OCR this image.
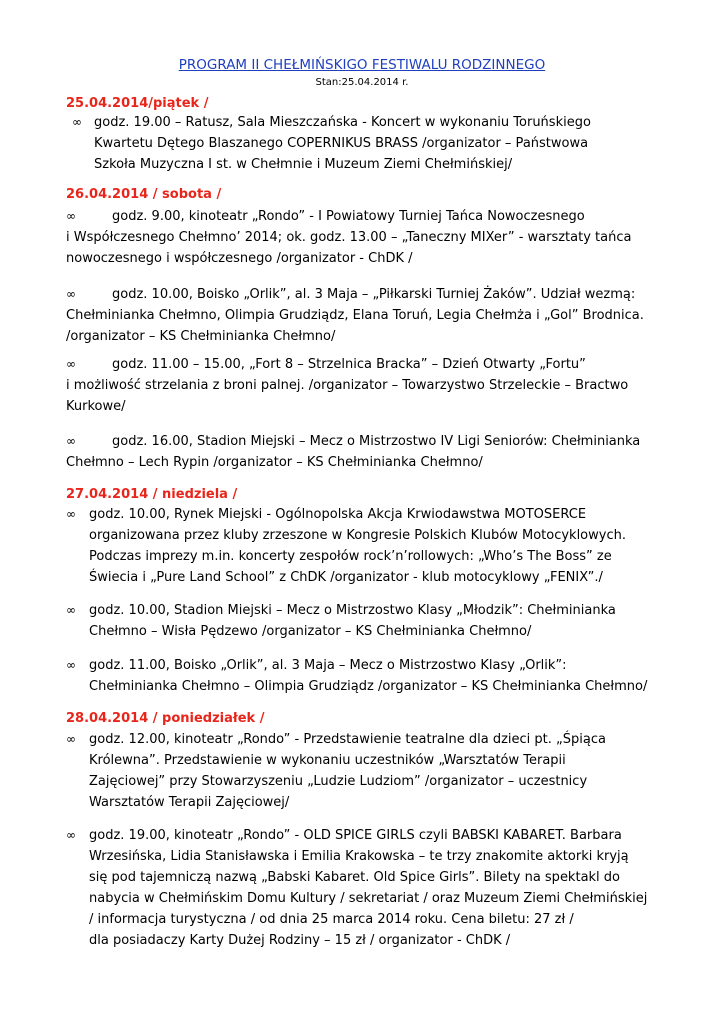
PROGRAM II CHEŁMIŃSKIGO FESTIWALU RODZINNEGO
Stan:25.04.2014 r.
25.04.2014/piątek /
∞ godz. 19.00 – Ratusz, Sala Mieszczańska - Koncert w wykonaniu Toruńskiego
Kwartetu Dętego Blaszanego COPERNIKUS BRASS /organizator – Państwowa
Szkoła Muzyczna I st. w Chełmnie i Muzeum Ziemi Chełmińskiej/
26.04.2014 / sobota /
∞	godz. 9.00, kinoteatr „Rondo” - I Powiatowy Turniej Tańca Nowoczesnego
i Współczesnego Chełmno’ 2014; ok. godz. 13.00 – „Taneczny MIXer” - warsztaty tańca
nowoczesnego i współczesnego /organizator - ChDK /
∞	godz. 10.00, Boisko „Orlik”, al. 3 Maja – „Piłkarski Turniej Żaków”. Udział wezmą:
Chełminianka Chełmno, Olimpia Grudziądz, Elana Toruń, Legia Chełmża i „Gol” Brodnica.
/organizator – KS Chełminianka Chełmno/
∞	godz. 11.00 – 15.00, „Fort 8 – Strzelnica Bracka” – Dzień Otwarty „Fortu”
i możliwość strzelania z broni palnej. /organizator – Towarzystwo Strzeleckie – Bractwo
Kurkowe/
∞	godz. 16.00, Stadion Miejski – Mecz o Mistrzostwo IV Ligi Seniorów: Chełminianka
Chełmno – Lech Rypin /organizator – KS Chełminianka Chełmno/
27.04.2014 / niedziela /
∞ godz. 10.00, Rynek Miejski - Ogólnopolska Akcja Krwiodawstwa MOTOSERCE
organizowana przez kluby zrzeszone w Kongresie Polskich Klubów Motocyklowych.
Podczas imprezy m.in. koncerty zespołów rock’n’rollowych: „Who’s The Boss” ze
Świecia i „Pure Land School” z ChDK /organizator - klub motocyklowy „FENIX”./
∞ godz. 10.00, Stadion Miejski – Mecz o Mistrzostwo Klasy „Młodzik”: Chełminianka
Chełmno – Wisła Pędzewo /organizator – KS Chełminianka Chełmno/
∞ godz. 11.00, Boisko „Orlik”, al. 3 Maja – Mecz o Mistrzostwo Klasy „Orlik”:
Chełminianka Chełmno – Olimpia Grudziądz /organizator – KS Chełminianka Chełmno/
28.04.2014 / poniedziałek /
∞ godz. 12.00, kinoteatr „Rondo” - Przedstawienie teatralne dla dzieci pt. „Śpiąca
Królewna”. Przedstawienie w wykonaniu uczestników „Warsztatów Terapii
Zajęciowej” przy Stowarzyszeniu „Ludzie Ludziom” /organizator – uczestnicy
Warsztatów Terapii Zajęciowej/
∞ godz. 19.00, kinoteatr „Rondo” - OLD SPICE GIRLS czyli BABSKI KABARET. Barbara
Wrzesińska, Lidia Stanisławska i Emilia Krakowska – te trzy znakomite aktorki kryją
się pod tajemniczą nazwą „Babski Kabaret. Old Spice Girls”. Bilety na spektakl do
nabycia w Chełmińskim Domu Kultury / sekretariat / oraz Muzeum Ziemi Chełmińskiej
/ informacja turystyczna / od dnia 25 marca 2014 roku. Cena biletu: 27 zł /
dla posiadaczy Karty Dużej Rodziny – 15 zł / organizator - ChDK /
